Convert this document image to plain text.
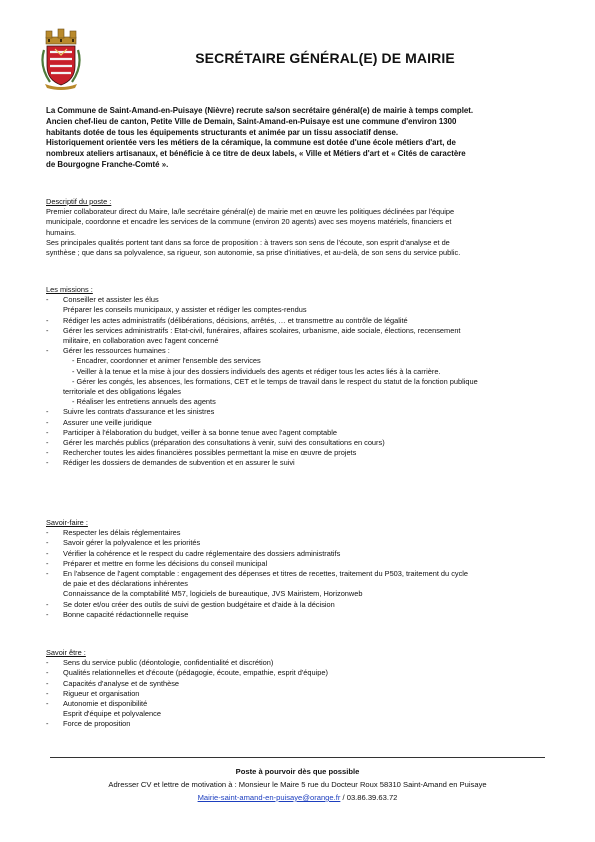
SECRÉTAIRE GÉNÉRAL(E) DE MAIRIE
La Commune de Saint-Amand-en-Puisaye (Nièvre) recrute sa/son secrétaire général(e) de mairie à temps complet.
Ancien chef-lieu de canton, Petite Ville de Demain, Saint-Amand-en-Puisaye est une commune d'environ 1300
habitants dotée de tous les équipements structurants et animée par un tissu associatif dense.
Historiquement orientée vers les métiers de la céramique, la commune est dotée d'une école métiers d'art, de
nombreux ateliers artisanaux, et bénéficie à ce titre de deux labels, « Ville et Métiers d'art et « Cités de caractère
de Bourgogne Franche-Comté ».

Descriptif du poste :

Premier collaborateur direct du Maire, la/le secrétaire général(e) de mairie met en œuvre les politiques déclinées par l'équipe

municipale, coordonne et encadre les services de la commune (environ 20 agents) avec ses moyens matériels, financiers et

humains.

Ses principales qualités portent tant dans sa force de proposition : à travers son sens de l'écoute, son esprit d'analyse et de

synthèse ; que dans sa polyvalence, sa rigueur, son autonomie, sa prise d'initiatives, et au-delà, de son sens du service public.

Les missions :

- Conseiller et assister les élus
Préparer les conseils municipaux, y assister et rédiger les comptes-rendus
- Rédiger les actes administratifs (délibérations, décisions, arrêtés, … et transmettre au contrôle de légalité
- Gérer les services administratifs : Etat-civil, funéraires, affaires scolaires, urbanisme, aide sociale, élections, recensement
militaire, en collaboration avec l'agent concerné
- Gérer les ressources humaines :
- Encadrer, coordonner et animer l'ensemble des services
- Veiller à la tenue et la mise à jour des dossiers individuels des agents et rédiger tous les actes liés à la carrière.
- Gérer les congés, les absences, les formations, CET et le temps de travail dans le respect du statut de la fonction publique
territoriale et des obligations légales
- Réaliser les entretiens annuels des agents
- Suivre les contrats d'assurance et les sinistres
- Assurer une veille juridique
- Participer à l'élaboration du budget, veiller à sa bonne tenue avec l'agent comptable
- Gérer les marchés publics (préparation des consultations à venir, suivi des consultations en cours)
- Rechercher toutes les aides financières possibles permettant la mise en œuvre de projets
- Rédiger les dossiers de demandes de subvention et en assurer le suivi

Savoir-faire :

- Respecter les délais réglementaires
- Savoir gérer la polyvalence et les priorités
- Vérifier la cohérence et le respect du cadre réglementaire des dossiers administratifs
- Préparer et mettre en forme les décisions du conseil municipal
- En l'absence de l'agent comptable : engagement des dépenses et titres de recettes, traitement du P503, traitement du cycle
de paie et des déclarations inhérentes
Connaissance de la comptabilité M57, logiciels de bureautique, JVS Mairistem, Horizonweb
- Se doter et/ou créer des outils de suivi de gestion budgétaire et d'aide à la décision
- Bonne capacité rédactionnelle requise

Savoir être :

- Sens du service public (déontologie, confidentialité et discrétion)
- Qualités relationnelles et d'écoute (pédagogie, écoute, empathie, esprit d'équipe)
- Capacités d'analyse et de synthèse
- Rigueur et organisation
- Autonomie et disponibilité
Esprit d'équipe et polyvalence
- Force de proposition
Poste à pourvoir dès que possible
Adresser CV et lettre de motivation à : Monsieur le Maire 5 rue du Docteur Roux 58310 Saint-Amand en Puisaye
Mairie-saint-amand-en-puisaye@orange.fr / 03.86.39.63.72
